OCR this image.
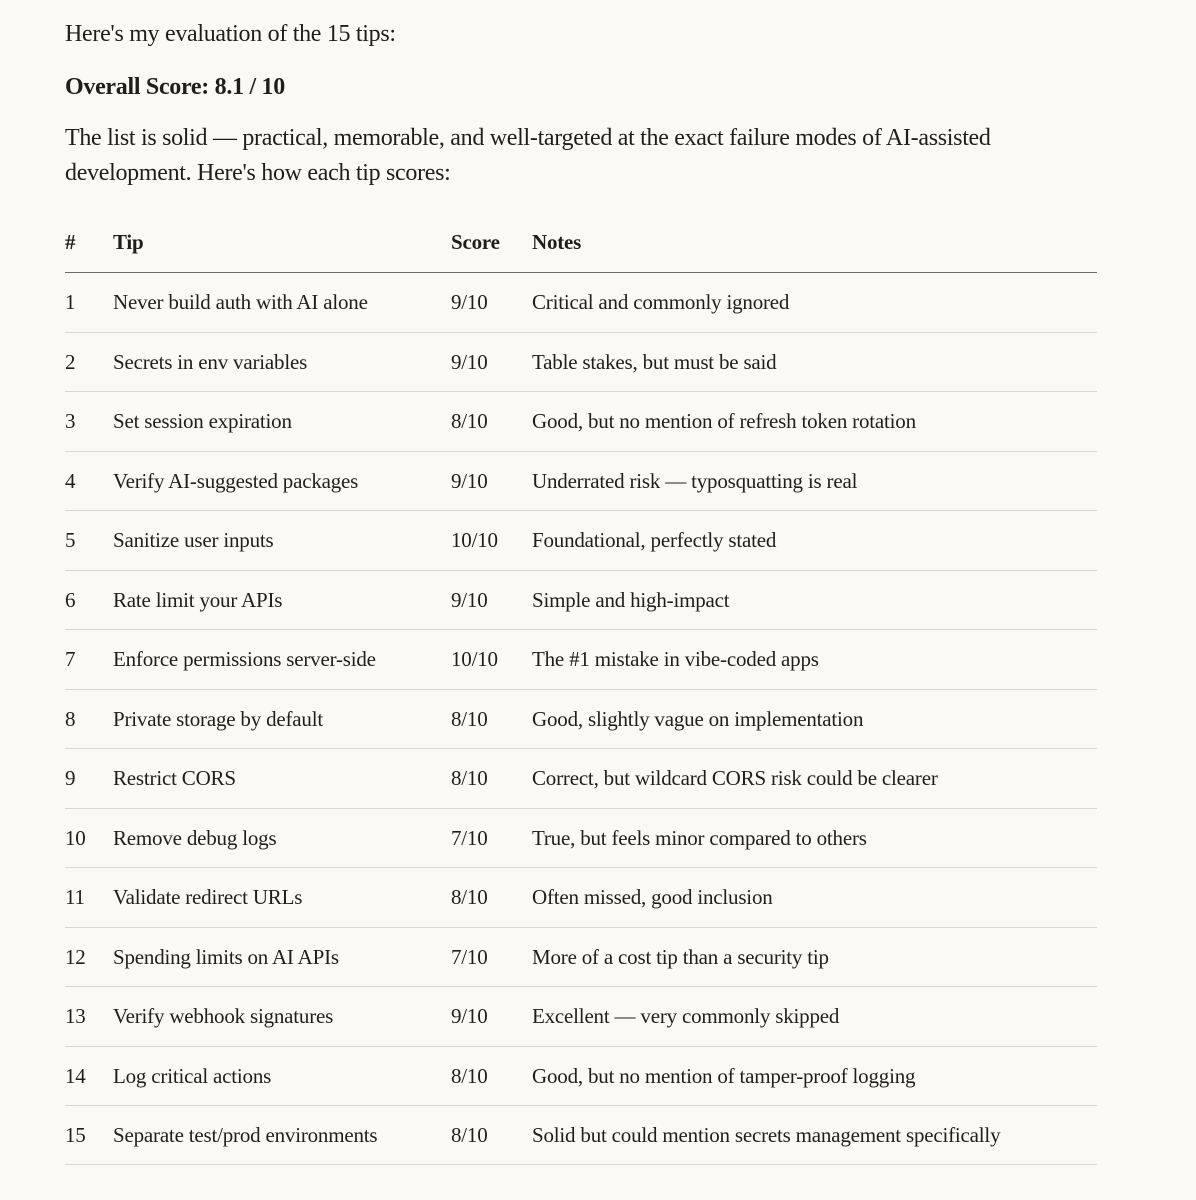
Here's my evaluation of the 15 tips:

Overall Score: 8.1 / 10

The list is solid — practical, memorable, and well-targeted at the exact failure modes of AI-assisted development. Here's how each tip scores:

#	Tip	Score	Notes
1	Never build auth with AI alone	9/10	Critical and commonly ignored
2	Secrets in env variables	9/10	Table stakes, but must be said
3	Set session expiration	8/10	Good, but no mention of refresh token rotation
4	Verify AI-suggested packages	9/10	Underrated risk — typosquatting is real
5	Sanitize user inputs	10/10	Foundational, perfectly stated
6	Rate limit your APIs	9/10	Simple and high-impact
7	Enforce permissions server-side	10/10	The #1 mistake in vibe-coded apps
8	Private storage by default	8/10	Good, slightly vague on implementation
9	Restrict CORS	8/10	Correct, but wildcard CORS risk could be clearer
10	Remove debug logs	7/10	True, but feels minor compared to others
11	Validate redirect URLs	8/10	Often missed, good inclusion
12	Spending limits on AI APIs	7/10	More of a cost tip than a security tip
13	Verify webhook signatures	9/10	Excellent — very commonly skipped
14	Log critical actions	8/10	Good, but no mention of tamper-proof logging
15	Separate test/prod environments	8/10	Solid but could mention secrets management specifically
